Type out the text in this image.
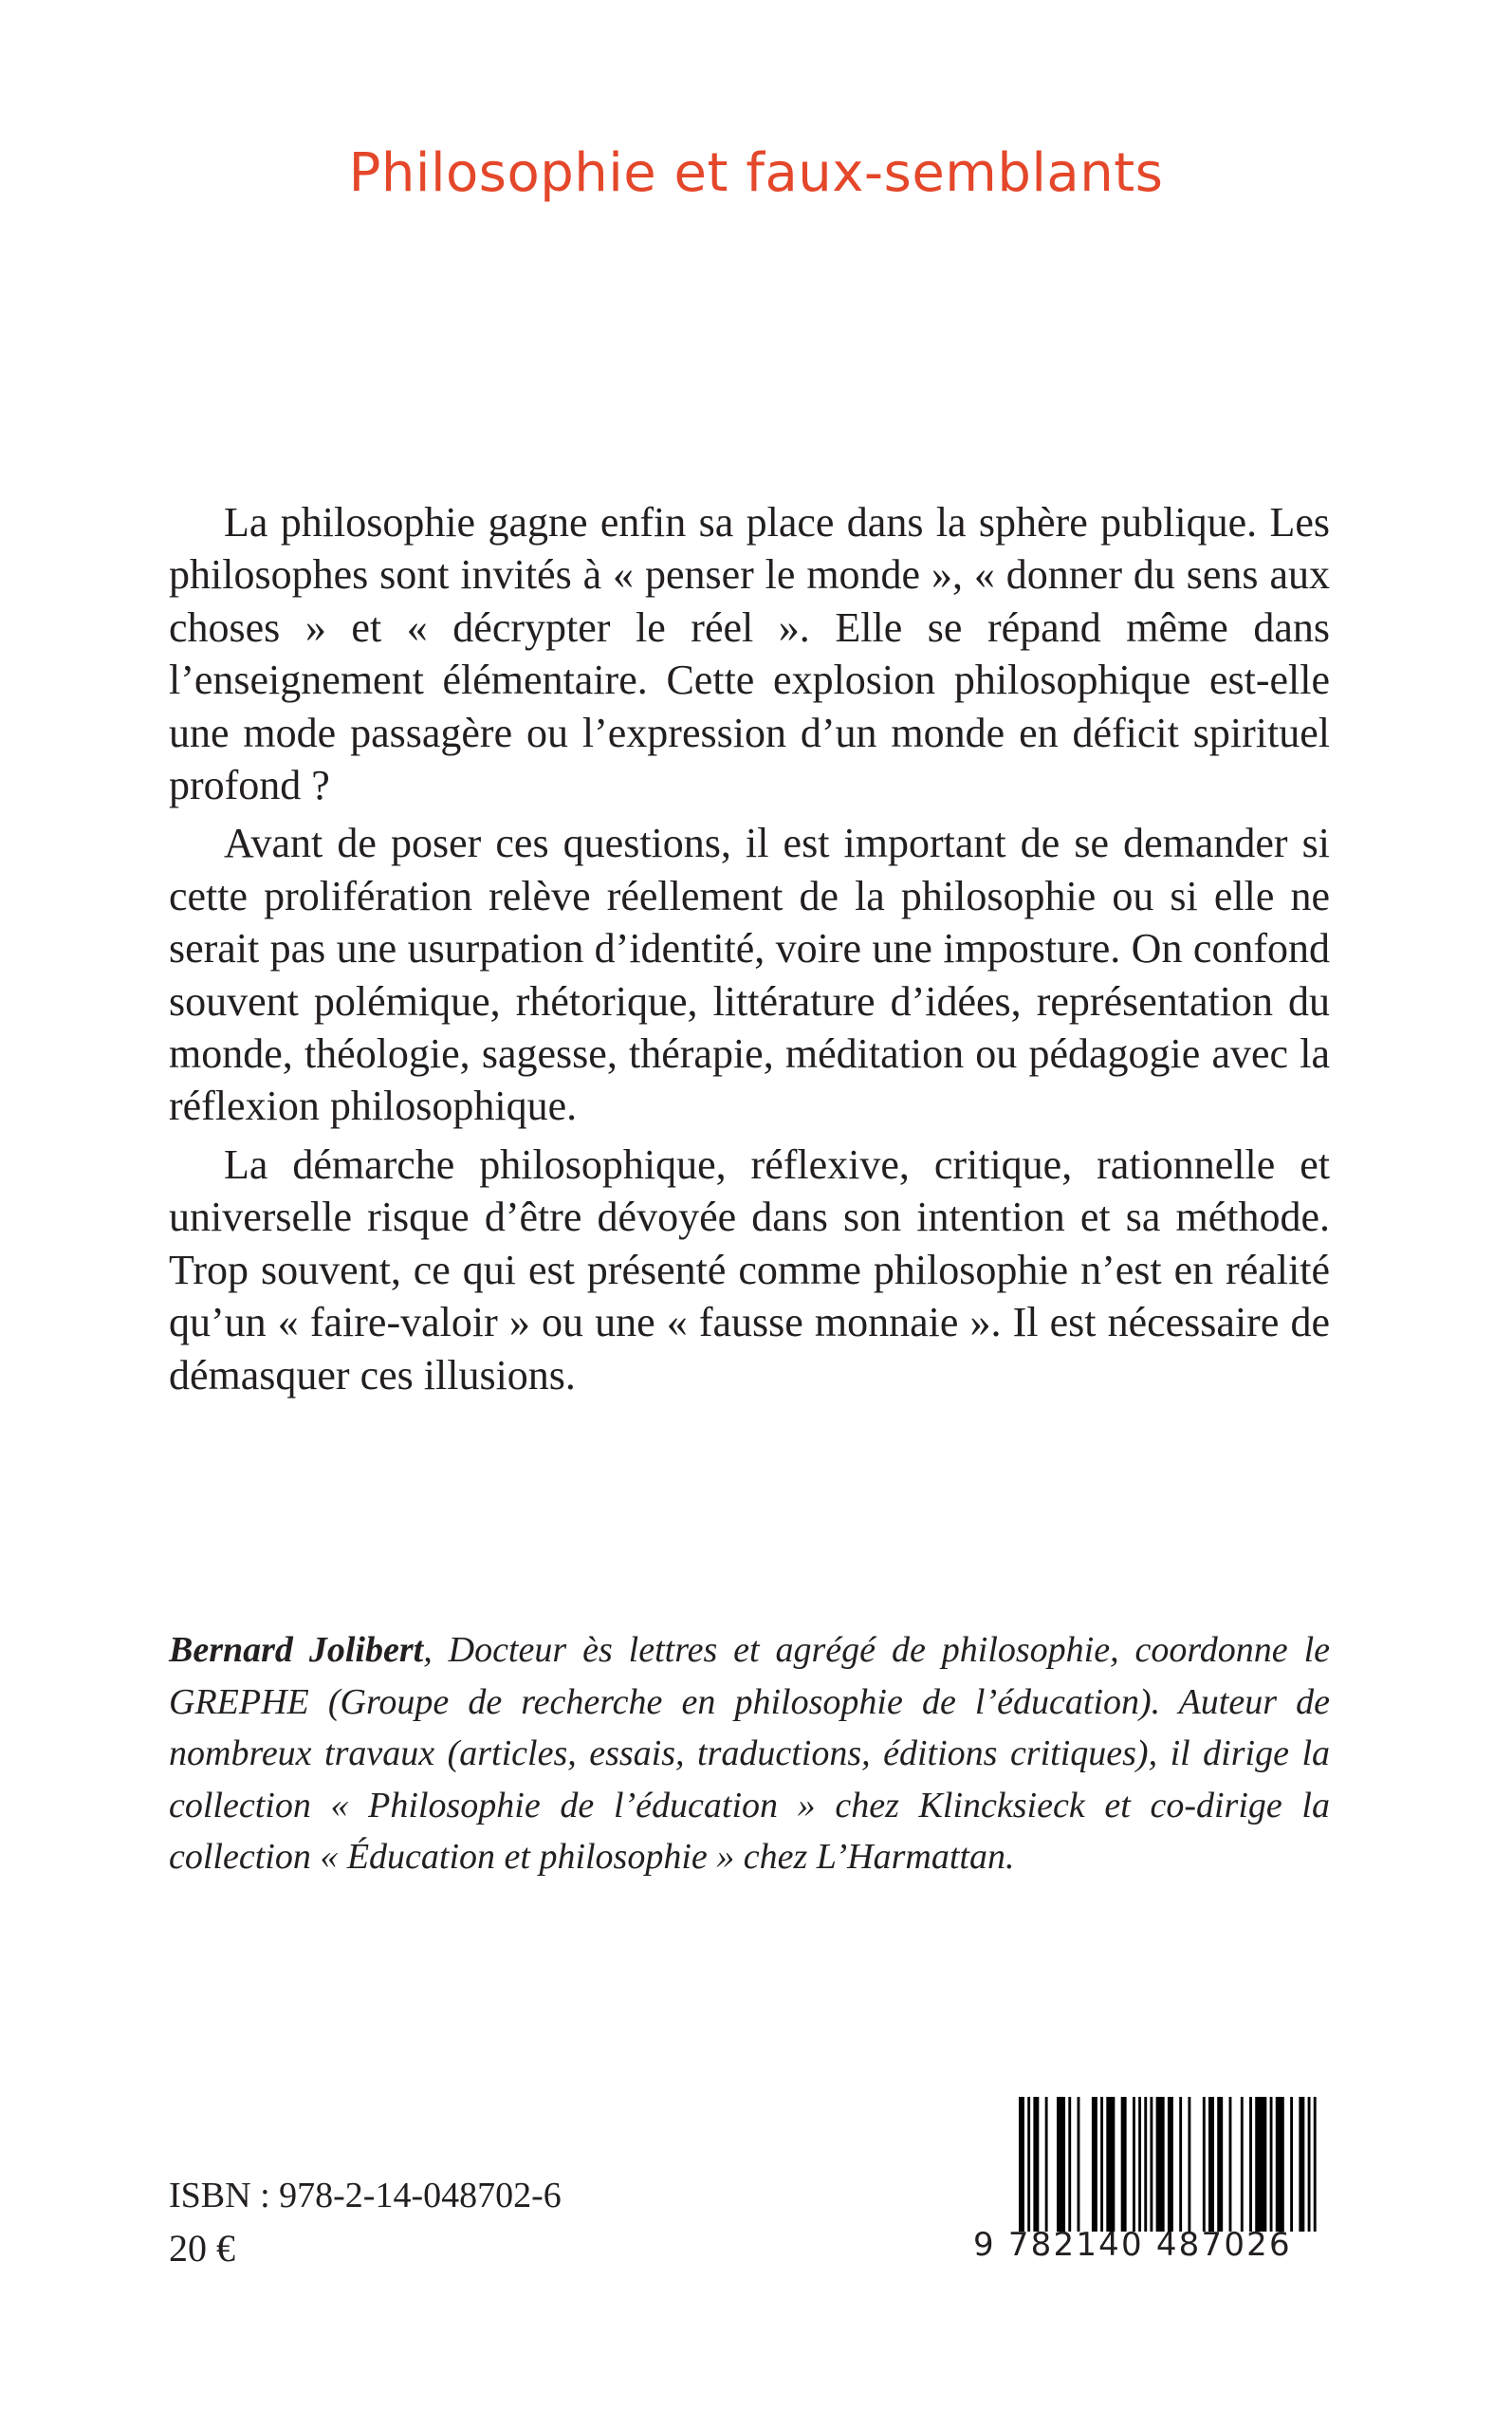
Philosophie et faux-semblants

La philosophie gagne enfin sa place dans la sphère publique. Les philosophes sont invités à « penser le monde », « donner du sens aux choses » et « décrypter le réel ». Elle se répand même dans l’enseignement élémentaire. Cette explosion philosophique est-elle une mode passagère ou l’expression d’un monde en déficit spirituel profond ?

Avant de poser ces questions, il est important de se demander si cette prolifération relève réellement de la philosophie ou si elle ne serait pas une usurpation d’identité, voire une imposture. On confond souvent polémique, rhétorique, littérature d’idées, représentation du monde, théologie, sagesse, thérapie, méditation ou pédagogie avec la réflexion philosophique.

La démarche philosophique, réflexive, critique, rationnelle et universelle risque d’être dévoyée dans son intention et sa méthode. Trop souvent, ce qui est présenté comme philosophie n’est en réalité qu’un « faire-valoir » ou une « fausse monnaie ». Il est nécessaire de démasquer ces illusions.

Bernard Jolibert, Docteur ès lettres et agrégé de philosophie, coordonne le GREPHE (Groupe de recherche en philosophie de l’éducation). Auteur de nombreux travaux (articles, essais, traductions, éditions critiques), il dirige la collection « Philosophie de l’éducation » chez Klincksieck et co-dirige la collection « Éducation et philosophie » chez L’Harmattan.

ISBN : 978-2-14-048702-6

20 €	9 782140 487026
